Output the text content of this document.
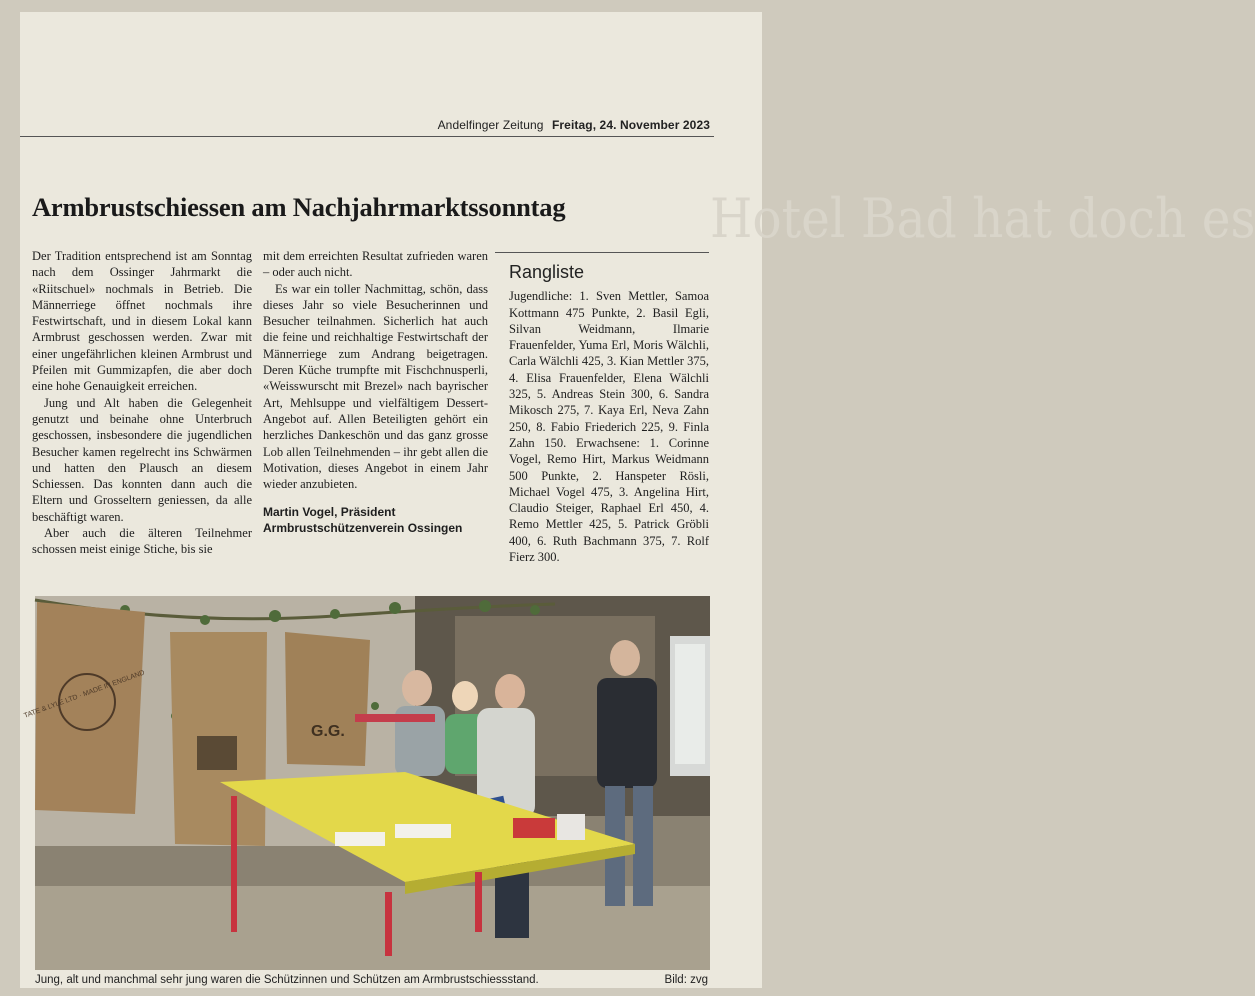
Hotel Bad hat doch es
Andelfinger Zeitung Freitag, 24. November 2023
Armbrustschiessen am Nachjahrmarktssonntag

Der Tradition entsprechend ist am Sonntag nach dem Ossinger Jahrmarkt die «Riitschuel» nochmals in Betrieb. Die Männerriege öffnet nochmals ihre Festwirtschaft, und in diesem Lokal kann Armbrust geschossen werden. Zwar mit einer ungefährlichen kleinen Armbrust und Pfeilen mit Gummizapfen, die aber doch eine hohe Genauigkeit erreichen.

Jung und Alt haben die Gelegenheit genutzt und beinahe ohne Unterbruch geschossen, insbesondere die jugendlichen Besucher kamen regelrecht ins Schwärmen und hatten den Plausch an diesem Schiessen. Das konnten dann auch die Eltern und Grosseltern geniessen, da alle beschäftigt waren.

Aber auch die älteren Teilnehmer schossen meist einige Stiche, bis sie

mit dem erreichten Resultat zufrieden waren – oder auch nicht.

Es war ein toller Nachmittag, schön, dass dieses Jahr so viele Besucherinnen und Besucher teilnahmen. Sicherlich hat auch die feine und reichhaltige Festwirtschaft der Männerriege zum Andrang beigetragen. Deren Küche trumpfte mit Fischchnusperli, «Weisswurscht mit Brezel» nach bayrischer Art, Mehlsuppe und vielfältigem Dessert-Angebot auf. Allen Beteiligten gehört ein herzliches Dankeschön und das ganz grosse Lob allen Teilnehmenden – ihr gebt allen die Motivation, dieses Angebot in einem Jahr wieder anzubieten.

Martin Vogel, Präsident Armbrustschützenverein Ossingen

Rangliste

Jugendliche: 1. Sven Mettler, Samoa Kottmann 475 Punkte, 2. Basil Egli, Silvan Weidmann, Ilmarie Frauenfelder, Yuma Erl, Moris Wälchli, Carla Wälchli 425, 3. Kian Mettler 375, 4. Elisa Frauenfelder, Elena Wälchli 325, 5. Andreas Stein 300, 6. Sandra Mikosch 275, 7. Kaya Erl, Neva Zahn 250, 8. Fabio Friederich 225, 9. Finla Zahn 150. Erwachsene: 1. Corinne Vogel, Remo Hirt, Markus Weidmann 500 Punkte, 2. Hanspeter Rösli, Michael Vogel 475, 3. Angelina Hirt, Claudio Steiger, Raphael Erl 450, 4. Remo Mettler 425, 5. Patrick Gröbli 400, 6. Ruth Bachmann 375, 7. Rolf Fierz 300.

TATE & LYLE LTD · MADE IN ENGLAND
G.G.
Jung, alt und manchmal sehr jung waren die Schützinnen und Schützen am Armbrustschiessstand.	Bild: zvg
